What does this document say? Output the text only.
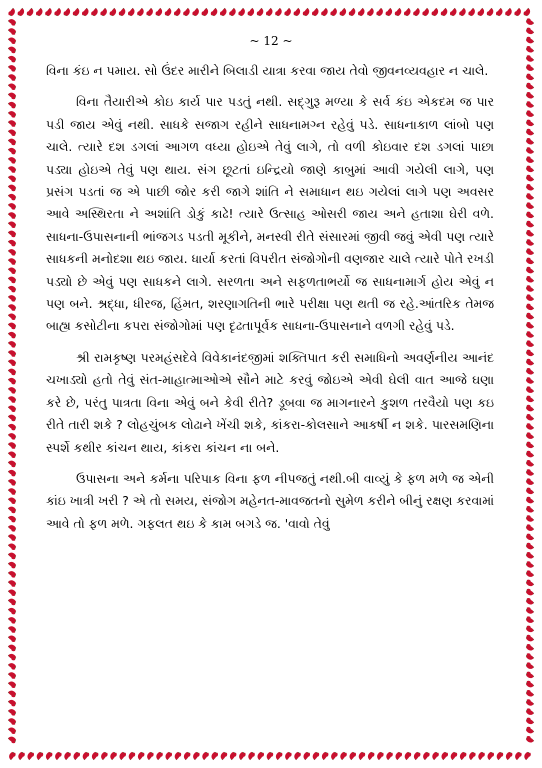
~ 12 ~

વિના કંઇ ન પમાય. સો ઉંદર મારીને બિલાડી યાત્રા કરવા જાય તેવો જીવનવ્યવહાર ન ચાલે.

વિના તૈયારીએ કોઇ કાર્ય પાર પડતું નથી. સદ્‌ગુરૂ મળ્યા કે સર્વ કંઇ એકદમ જ પાર પડી જાય એવું નથી. સાધકે સજાગ રહીને સાધનામગ્ન રહેવું પડે. સાધનાકાળ લાંબો પણ ચાલે. ત્યારે દશ ડગલાં આગળ વધ્યા હોઇએ તેવું લાગે, તો વળી કોઇવાર દશ ડગલાં પાછા પડ્યા હોઇએ તેવું પણ થાય. સંગ છૂટતાં ઇન્દ્રિયો જાણે કાબુમાં આવી ગયેલી લાગે, પણ પ્રસંગ પડતાં જ એ પાછી જોર કરી જાગે શાંતિ ને સમાધાન થઇ ગયેલાં લાગે પણ અવસર આવે અસ્થિરતા ને અશાંતિ ડોકું કાઢે! ત્યારે ઉત્સાહ ઓસરી જાય અને હતાશા ઘેરી વળે. સાધના-ઉપાસનાની ભાંજગડ પડતી મૂકીને, મનસ્વી રીતે સંસારમાં જીવી જવું એવી પણ ત્યારે સાધકની મનોદશા થઇ જાય. ધાર્યા કરતાં વિપરીત સંજોગોની વણજાર ચાલે ત્યારે પોતે રખડી પડ્યો છે એવું પણ સાધકને લાગે. સરળતા અને સફળતાભર્યો જ સાધનામાર્ગ હોય એવું ન પણ બને. શ્રદ્ધા, ધીરજ, હિંમત, શરણાગતિની ભારે પરીક્ષા પણ થતી જ રહે.આંતરિક તેમજ બાહ્ય કસોટીના કપરા સંજોગોમાં પણ દૃઢતાપૂર્વક સાધના-ઉપાસનાને વળગી રહેવું પડે.

શ્રી રામકૃષ્ણ પરમહંસદેવે વિવેકાનંદજીમાં શક્તિપાત કરી સમાધિનો અવર્ણનીય આનંદ ચખાડ્યો હતો તેવું સંત-માહાત્માઓએ સૌને માટે કરવું જોઇએ એવી ઘેલી વાત આજે ઘણા કરે છે, પરંતુ પાત્રતા વિના એવું બને કેવી રીતે? ડૂબવા જ માગનારને કુશળ તરવૈયો પણ કઇ રીતે તારી શકે ? લોહચુંબક લોઢાને ખેંચી શકે, કાંકરા-કોલસાને આકર્ષી ન શકે. પારસમણિના સ્પર્શે કથીર કાંચન થાય, કાંકરા કાંચન ના બને.

ઉપાસના અને કર્મના પરિપાક વિના ફળ નીપજતું નથી.બી વાવ્યું કે ફળ મળે જ એની કાંઇ ખાત્રી ખરી ? એ તો સમય, સંજોગ મહેનત-માવજતનો સુમેળ કરીને બીનું રક્ષણ કરવામાં આવે તો ફળ મળે. ગફલત થઇ કે કામ બગડે જ. 'વાવો તેવું
